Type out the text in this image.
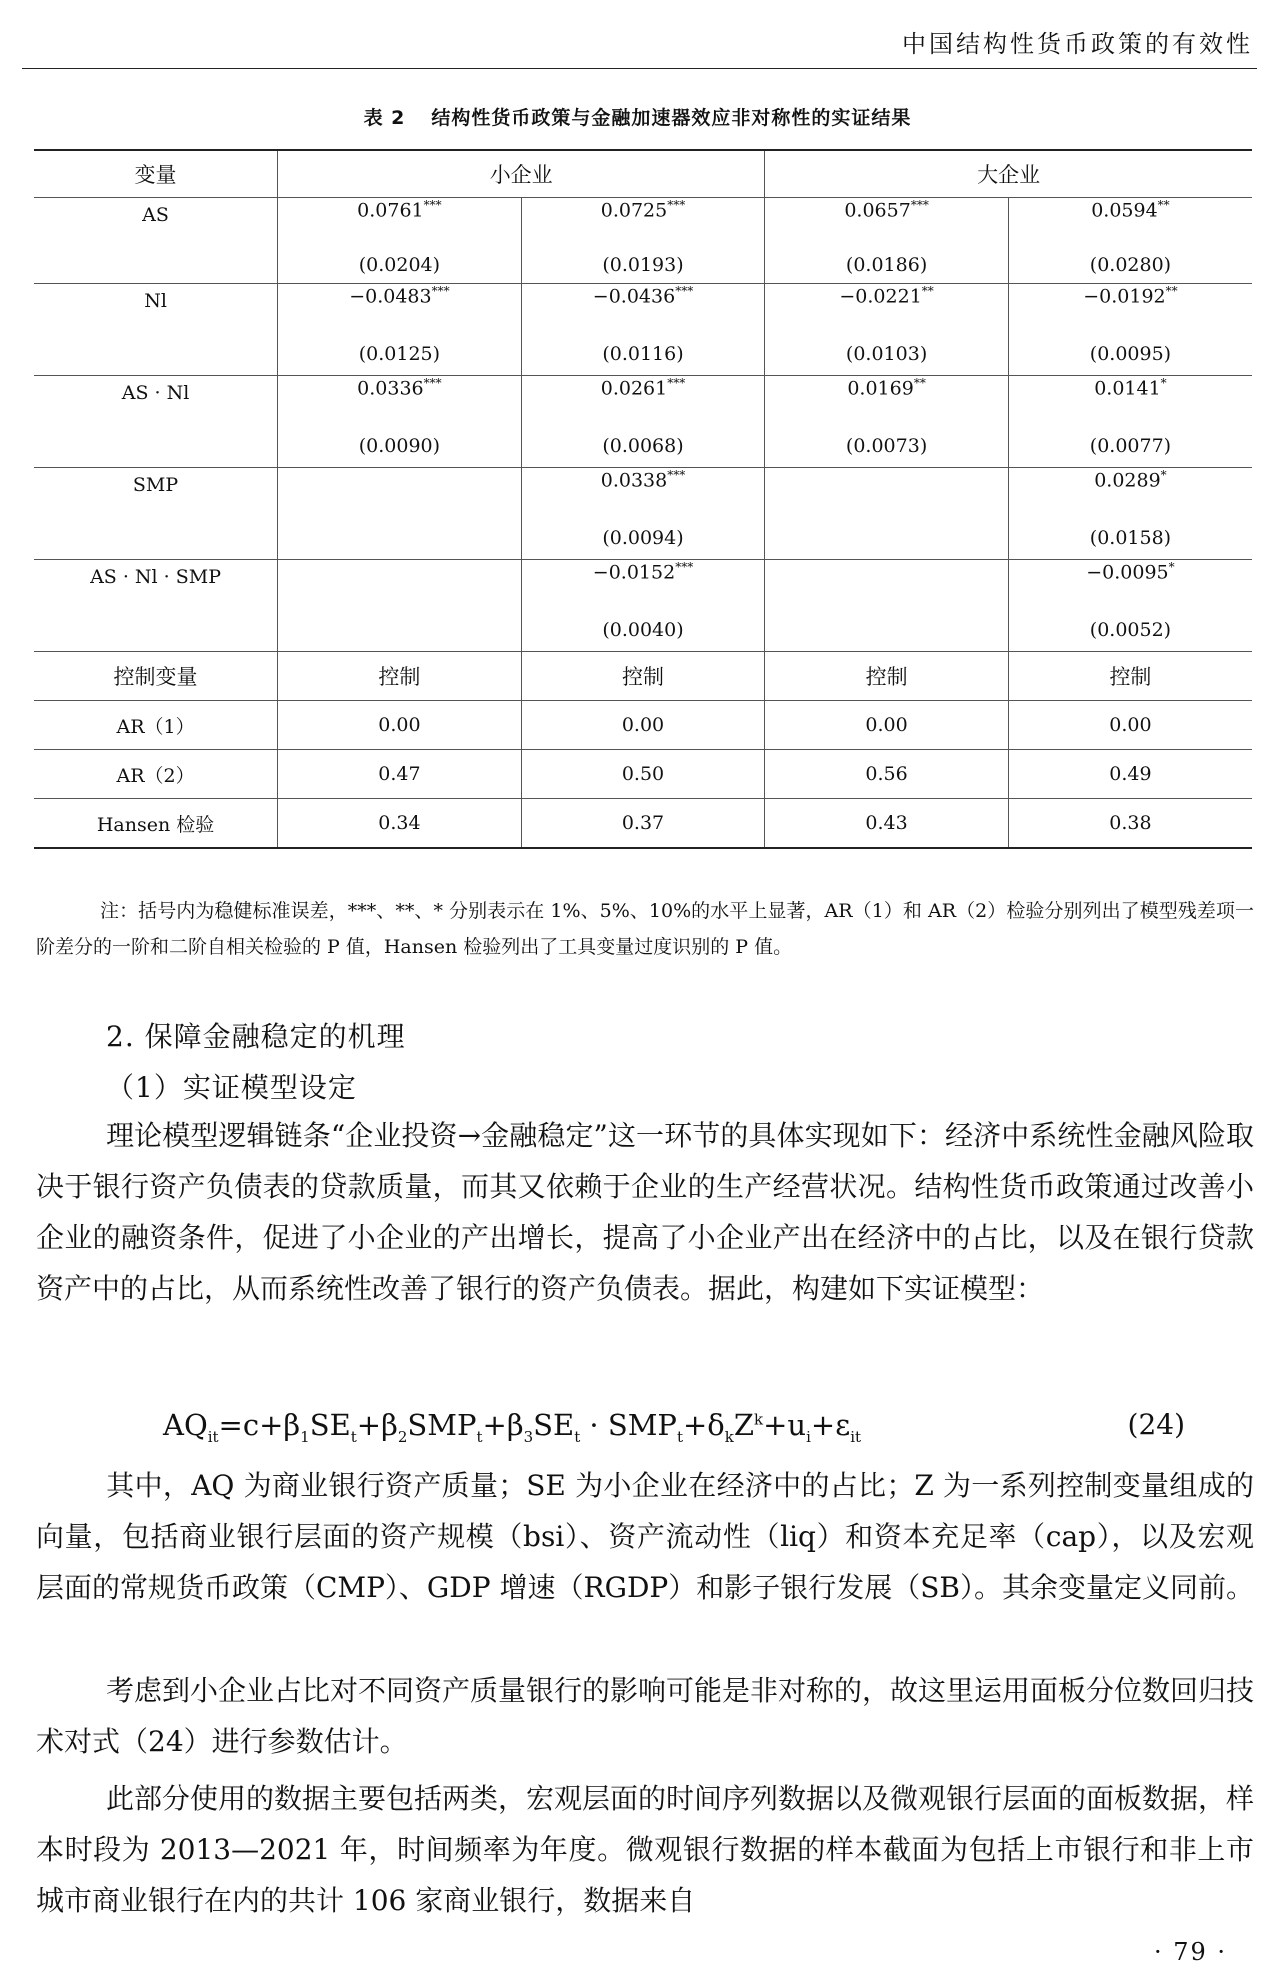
中国结构性货币政策的有效性
表 2 结构性货币政策与金融加速器效应非对称性的实证结果
变量	小企业		大企业	
AS	0.0761***	0.0725***	0.0657***	0.0594**
	(0.0204)	(0.0193)	(0.0186)	(0.0280)
Nl	−0.0483***	−0.0436***	−0.0221**	−0.0192**
	(0.0125)	(0.0116)	(0.0103)	(0.0095)
AS · Nl	0.0336***	0.0261***	0.0169**	0.0141*
	(0.0090)	(0.0068)	(0.0073)	(0.0077)
SMP		0.0338***		0.0289*
		(0.0094)		(0.0158)
AS · Nl · SMP		−0.0152***		−0.0095*
		(0.0040)		(0.0052)
控制变量	控制	控制	控制	控制
AR（1）	0.00	0.00	0.00	0.00
AR（2）	0.47	0.50	0.56	0.49
Hansen 检验	0.34	0.37	0.43	0.38
注：括号内为稳健标准误差，***、**、* 分别表示在 1%、5%、10%的水平上显著，AR（1）和 AR（2）检验分别列出了模型残差项一阶差分的一阶和二阶自相关检验的 P 值，Hansen 检验列出了工具变量过度识别的 P 值。
2. 保障金融稳定的机理
（1）实证模型设定
理论模型逻辑链条“企业投资→金融稳定”这一环节的具体实现如下：经济中系统性金融风险取决于银行资产负债表的贷款质量，而其又依赖于企业的生产经营状况。结构性货币政策通过改善小企业的融资条件，促进了小企业的产出增长，提高了小企业产出在经济中的占比，以及在银行贷款资产中的占比，从而系统性改善了银行的资产负债表。据此，构建如下实证模型：
$AQ_{it}=c+\beta_1SE_t+\beta_2SMP_t+\beta_3SE_t \cdot SMP_t+\delta_kZ^k+u_i+\varepsilon_{it}$	(24)
其中，AQ 为商业银行资产质量；SE 为小企业在经济中的占比；Z 为一系列控制变量组成的向量，包括商业银行层面的资产规模（bsi）、资产流动性（liq）和资本充足率（cap），以及宏观层面的常规货币政策（CMP）、GDP 增速（RGDP）和影子银行发展（SB）。其余变量定义同前。
考虑到小企业占比对不同资产质量银行的影响可能是非对称的，故这里运用面板分位数回归技术对式（24）进行参数估计。
此部分使用的数据主要包括两类，宏观层面的时间序列数据以及微观银行层面的面板数据，样本时段为 2013—2021 年，时间频率为年度。微观银行数据的样本截面为包括上市银行和非上市城市商业银行在内的共计 106 家商业银行，数据来自
· 79 ·
